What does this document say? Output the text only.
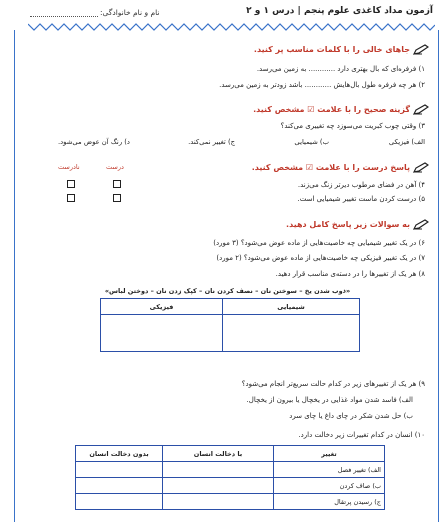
آزمون مداد کاغذی علوم پنجم | درس ۱ و ۲
نام و نام خانوادگی:
جاهای خالی را با کلمات مناسب پر کنید.
۱) فرفره‌ای که بال بهتری دارد ............ به زمین می‌رسد.
۲) هر چه فرفره طول بال‌هایش ............ باشد زودتر به زمین می‌رسد.
گزینه صحیح را با علامت ☑ مشخص کنید.
۳) وقتی چوب کبریت می‌سوزد چه تغییری می‌کند؟
الف) فیزیکی
ب) شیمیایی
ج) تغییر نمی‌کند.
د) رنگ آن عوض می‌شود.
پاسخ درست را با علامت ☑ مشخص کنید.
درست
نادرست
۴) آهن در فضای مرطوب دیرتر زنگ می‌زند.
۵) درست کردن ماست تغییر شیمیایی است.
به سوالات زیر پاسخ کامل دهید.
۶) در یک تغییر شیمیایی چه خاصیت‌هایی از ماده عوض می‌شود؟ (۳ مورد)
۷) در یک تغییر فیزیکی چه خاصیت‌هایی از ماده عوض می‌شود؟ (۲ مورد)
۸) هر یک از تغییرها را در دسته‌ی مناسب قرار دهید.
«ذوب شدن یخ – سوختن نان – نصف کردن نان – کپک زدن نان – دوختن لباس»
شیمیایی	فیزیکی

۹) هر یک از تغییرهای زیر در کدام حالت سریع‌تر انجام می‌شود؟
الف) فاسد شدن مواد غذایی در یخچال یا بیرون از یخچال.
ب) حل شدن شکر در چای داغ یا چای سرد
۱۰) انسان در کدام تغییرات زیر دخالت دارد.
تغییر	با دخالت انسان	بدون دخالت انسان
الف) تغییر فصل		
ب) صاف کردن		
ج) رسیدن پرتقال		
